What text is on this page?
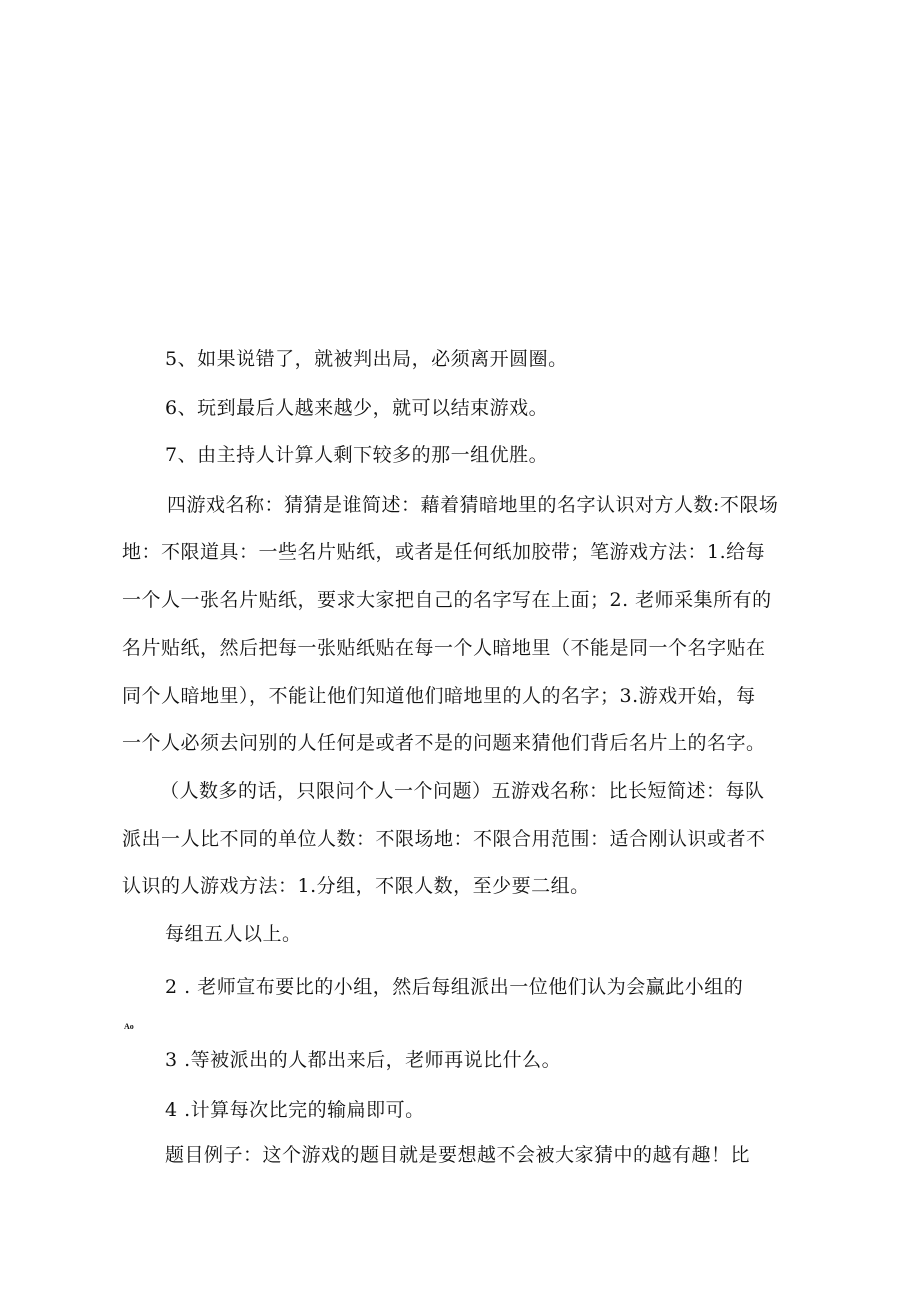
5、如果说错了，就被判出局，必须离开圆圈。
6、玩到最后人越来越少，就可以结束游戏。
7、由主持人计算人剩下较多的那一组优胜。
四游戏名称：猜猜是谁简述：藉着猜暗地里的名字认识对方人数:不限场
地：不限道具：一些名片贴纸，或者是任何纸加胶带；笔游戏方法：1.给每
一个人一张名片贴纸，要求大家把自己的名字写在上面；2. 老师采集所有的
名片贴纸，然后把每一张贴纸贴在每一个人暗地里（不能是同一个名字贴在
同个人暗地里），不能让他们知道他们暗地里的人的名字；3.游戏开始，每
一个人必须去问别的人任何是或者不是的问题来猜他们背后名片上的名字。
（人数多的话，只限问个人一个问题）五游戏名称：比长短简述：每队
派出一人比不同的单位人数：不限场地：不限合用范围：适合刚认识或者不
认识的人游戏方法：1.分组，不限人数，至少要二组。
每组五人以上。
2 . 老师宣布要比的小组，然后每组派出一位他们认为会赢此小组的
Ao
3 .等被派出的人都出来后，老师再说比什么。
4 .计算每次比完的输扁即可。
题目例子：这个游戏的题目就是要想越不会被大家猜中的越有趣！比
